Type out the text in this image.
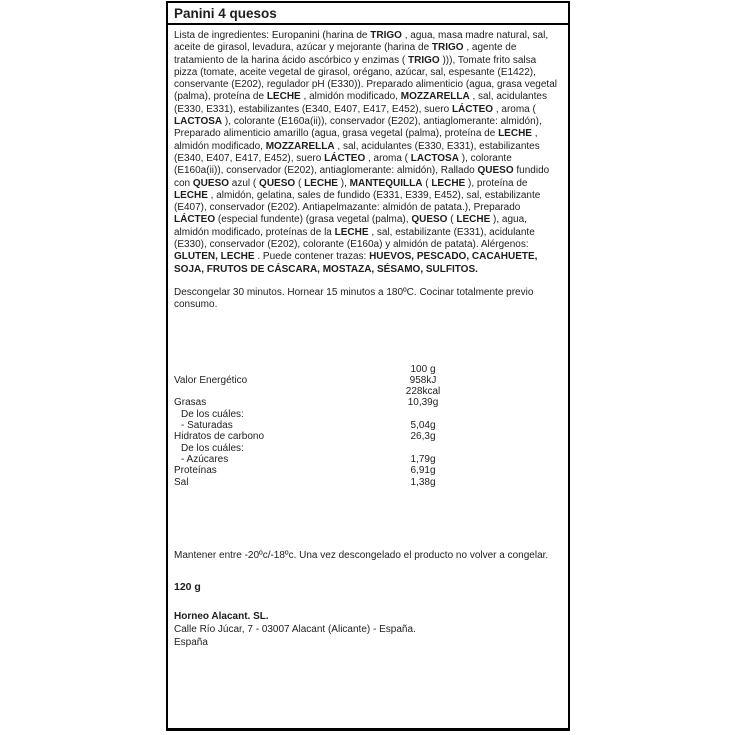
Panini 4 quesos

Lista de ingredientes: Europanini (harina de TRIGO , agua, masa madre natural, sal, aceite de girasol, levadura, azúcar y mejorante (harina de TRIGO , agente de tratamiento de la harina ácido ascórbico y enzimas ( TRIGO ))), Tomate frito salsa pizza (tomate, aceite vegetal de girasol, orégano, azúcar, sal, espesante (E1422), conservante (E202), regulador pH (E330)). Preparado alimenticio (agua, grasa vegetal (palma), proteína de LECHE , almidón modificado, MOZZARELLA , sal, acidulantes (E330, E331), estabilizantes (E340, E407, E417, E452), suero LÁCTEO , aroma ( LACTOSA ), colorante (E160a(ii)), conservador (E202), antiaglomerante: almidón), Preparado alimenticio amarillo (agua, grasa vegetal (palma), proteína de LECHE , almidón modificado, MOZZARELLA , sal, acidulantes (E330, E331), estabilizantes (E340, E407, E417, E452), suero LÁCTEO , aroma ( LACTOSA ), colorante (E160a(ii)), conservador (E202), antiaglomerante: almidón), Rallado QUESO fundido con QUESO azul ( QUESO ( LECHE ), MANTEQUILLA ( LECHE ), proteína de LECHE , almidón, gelatina, sales de fundido (E331, E339, E452), sal, estabilizante (E407), conservador (E202). Antiapelmazante: almidón de patata.), Preparado LÁCTEO (especial fundente) (grasa vegetal (palma), QUESO ( LECHE ), agua, almidón modificado, proteínas de la LECHE , sal, estabilizante (E331), acidulante (E330), conservador (E202), colorante (E160a) y almidón de patata). Alérgenos: GLUTEN, LECHE . Puede contener trazas: HUEVOS, PESCADO, CACAHUETE, SOJA, FRUTOS DE CÁSCARA, MOSTAZA, SÉSAMO, SULFITOS.

Descongelar 30 minutos. Hornear 15 minutos a 180ºC. Cocinar totalmente previo consumo.

100 g
Valor Energético	958kJ
228kcal
Grasas	10,39g
De los cuáles:
- Saturadas	5,04g
Hidratos de carbono	26,3g
De los cuáles:
- Azúcares	1,79g
Proteínas	6,91g
Sal	1,38g

Mantener entre -20ºc/-18ºc. Una vez descongelado el producto no volver a congelar.

120 g

Horneo Alacant. SL.

Calle Río Júcar, 7 - 03007 Alacant (Alicante) - España.

España
